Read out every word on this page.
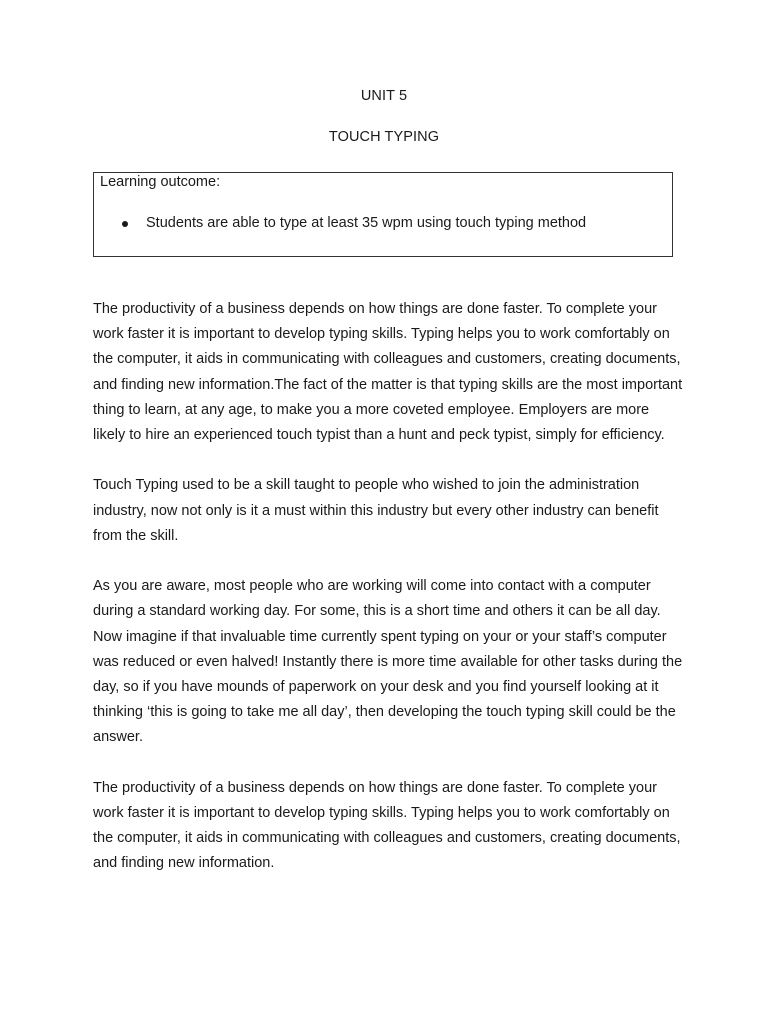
UNIT 5
TOUCH TYPING
Learning outcome:
Students are able to type at least 35 wpm using touch typing method

The productivity of a business depends on how things are done faster. To complete your work faster it is important to develop typing skills. Typing helps you to work comfortably on the computer, it aids in communicating with colleagues and customers, creating documents, and finding new information.The fact of the matter is that typing skills are the most important thing to learn, at any age, to make you a more coveted employee. Employers are more likely to hire an experienced touch typist than a hunt and peck typist, simply for efficiency.

Touch Typing used to be a skill taught to people who wished to join the administration industry, now not only is it a must within this industry but every other industry can benefit from the skill.

As you are aware, most people who are working will come into contact with a computer during a standard working day. For some, this is a short time and others it can be all day. Now imagine if that invaluable time currently spent typing on your or your staff’s computer was reduced or even halved! Instantly there is more time available for other tasks during the day, so if you have mounds of paperwork on your desk and you find yourself looking at it thinking ‘this is going to take me all day’, then developing the touch typing skill could be the answer.

The productivity of a business depends on how things are done faster. To complete your work faster it is important to develop typing skills. Typing helps you to work comfortably on the computer, it aids in communicating with colleagues and customers, creating documents, and finding new information.
